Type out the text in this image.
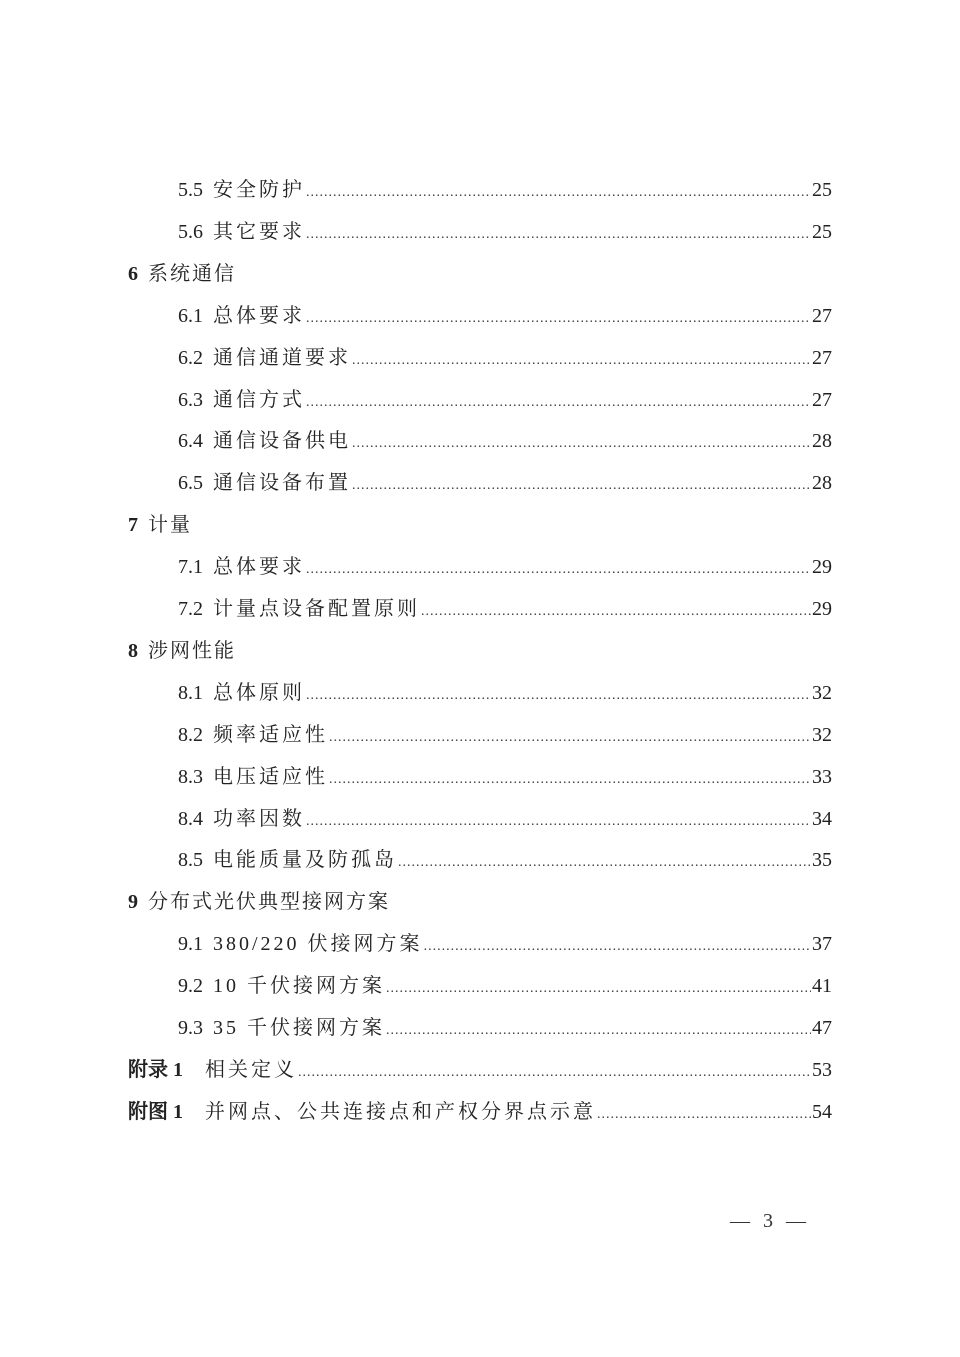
5.5 安全防护 .....	25
5.6 其它要求 .....	25
6 系统通信
6.1 总体要求 .....	27
6.2 通信通道要求 .....	27
6.3 通信方式 .....	27
6.4 通信设备供电 .....	28
6.5 通信设备布置 .....	28
7 计量
7.1 总体要求 .....	29
7.2 计量点设备配置原则 .....	29
8 涉网性能
8.1 总体原则 .....	32
8.2 频率适应性 .....	32
8.3 电压适应性 .....	33
8.4 功率因数 .....	34
8.5 电能质量及防孤岛 .....	35
9 分布式光伏典型接网方案
9.1 380/220 伏接网方案 .....	37
9.2 10 千伏接网方案 .....	41
9.3 35 千伏接网方案 .....	47
附录 1 相关定义 .....	53
附图 1 并网点、公共连接点和产权分界点示意 .....	54
— 3 —
